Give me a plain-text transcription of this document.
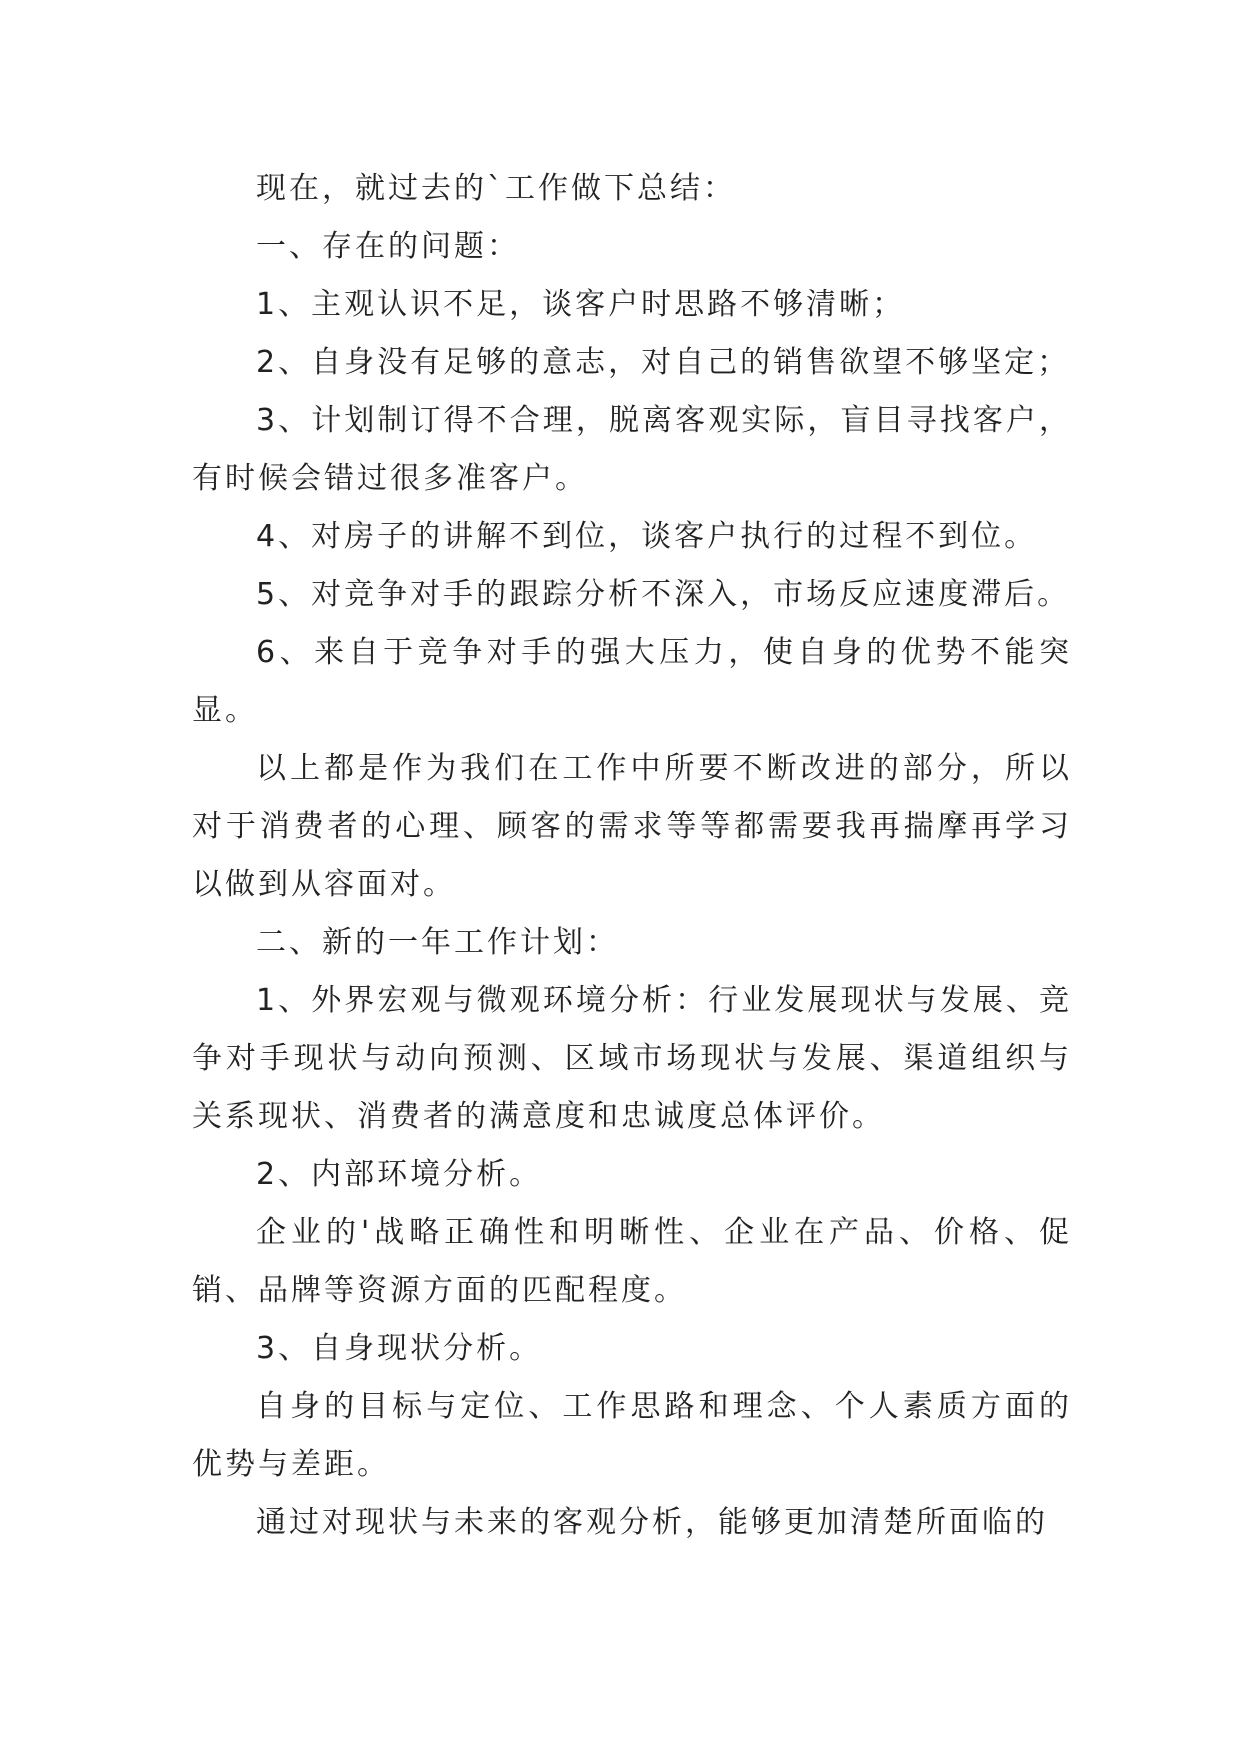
现在，就过去的`工作做下总结：

一、存在的问题：

1、主观认识不足，谈客户时思路不够清晰；

2、自身没有足够的意志，对自己的销售欲望不够坚定；

3、计划制订得不合理，脱离客观实际，盲目寻找客户，有时候会错过很多准客户。

4、对房子的讲解不到位，谈客户执行的过程不到位。

5、对竞争对手的跟踪分析不深入，市场反应速度滞后。

6、来自于竞争对手的强大压力，使自身的优势不能突显。

以上都是作为我们在工作中所要不断改进的部分，所以对于消费者的心理、顾客的需求等等都需要我再揣摩再学习以做到从容面对。

二、新的一年工作计划：

1、外界宏观与微观环境分析：行业发展现状与发展、竞争对手现状与动向预测、区域市场现状与发展、渠道组织与关系现状、消费者的满意度和忠诚度总体评价。

2、内部环境分析。

企业的'战略正确性和明晰性、企业在产品、价格、促销、品牌等资源方面的匹配程度。

3、自身现状分析。

自身的目标与定位、工作思路和理念、个人素质方面的优势与差距。

通过对现状与未来的客观分析，能够更加清楚所面临的
